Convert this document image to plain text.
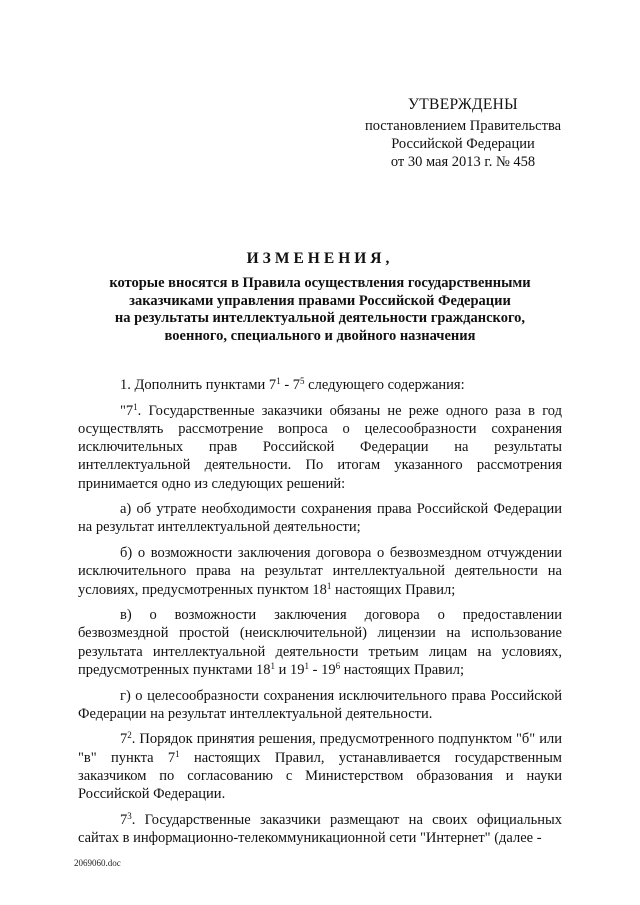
УТВЕРЖДЕНЫ
постановлением Правительства
Российской Федерации
от 30 мая 2013 г. № 458
ИЗМЕНЕНИЯ,
которые вносятся в Правила осуществления государственными
заказчиками управления правами Российской Федерации
на результаты интеллектуальной деятельности гражданского,
военного, специального и двойного назначения

1. Дополнить пунктами $7^1 - 7^5$ следующего содержания:

"$7^1$. Государственные заказчики обязаны не реже одного раза в год осуществлять рассмотрение вопроса о целесообразности сохранения исключительных прав Российской Федерации на результаты интеллектуальной деятельности. По итогам указанного рассмотрения принимается одно из следующих решений:

а) об утрате необходимости сохранения права Российской Федерации на результат интеллектуальной деятельности;

б) о возможности заключения договора о безвозмездном отчуждении исключительного права на результат интеллектуальной деятельности на условиях, предусмотренных пунктом $18^1$ настоящих Правил;

в) о возможности заключения договора о предоставлении безвозмездной простой (неисключительной) лицензии на использование результата интеллектуальной деятельности третьим лицам на условиях, предусмотренных пунктами $18^1$ и $19^1 - 19^6$ настоящих Правил;

г) о целесообразности сохранения исключительного права Российской Федерации на результат интеллектуальной деятельности.

$7^2$. Порядок принятия решения, предусмотренного подпунктом "б" или "в" пункта $7^1$ настоящих Правил, устанавливается государственным заказчиком по согласованию с Министерством образования и науки Российской Федерации.

$7^3$. Государственные заказчики размещают на своих официальных сайтах в информационно-телекоммуникационной сети "Интернет" (далее -

2069060.doc
